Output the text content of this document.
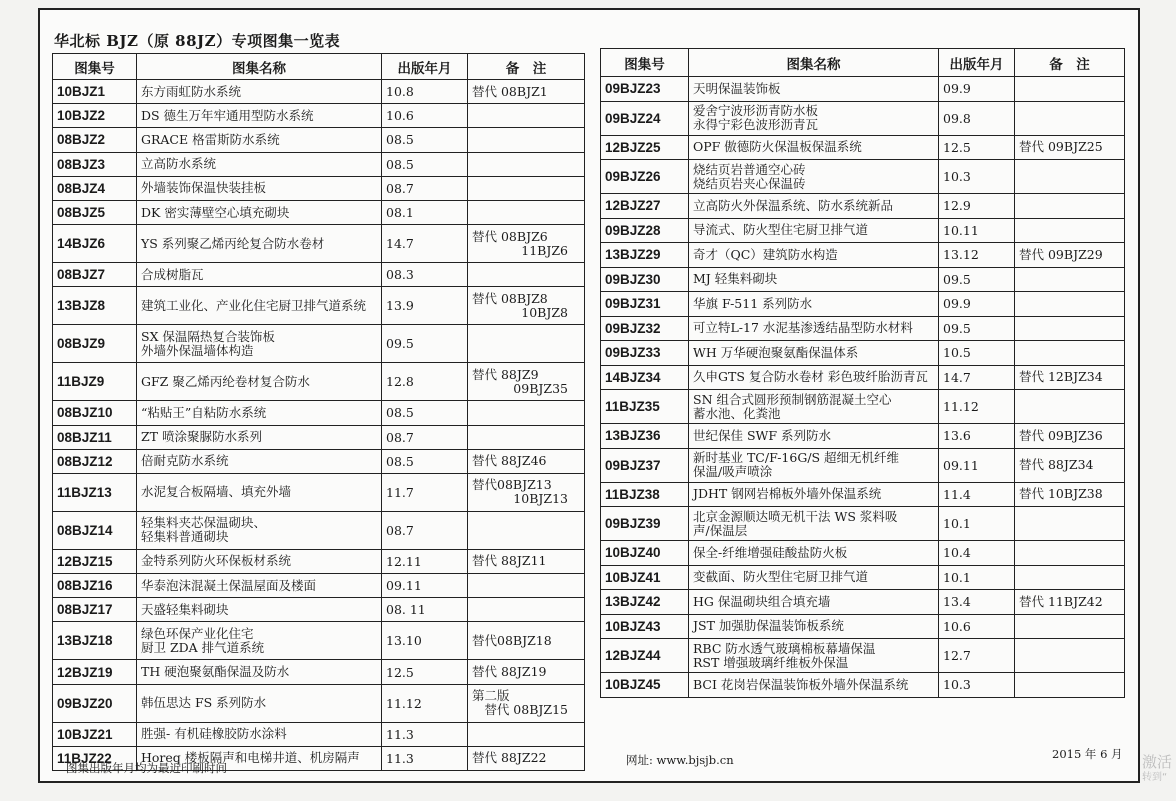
华北标 BJZ（原 88JZ）专项图集一览表
图集号	图集名称	出版年月	备　注
10BJZ1	东方雨虹防水系统	10.8	替代 08BJZ1

10BJZ2	DS 德生万年牢通用型防水系统	10.6	
08BJZ2	GRACE 格雷斯防水系统	08.5	
08BJZ3	立高防水系统	08.5	
08BJZ4	外墙装饰保温快装挂板	08.7	
08BJZ5	DK 密实薄壁空心填充砌块	08.1	
14BJZ6	YS 系列聚乙烯丙纶复合防水卷材	14.7	替代 08BJZ6
11BJZ6

08BJZ7	合成树脂瓦	08.3	
13BJZ8	建筑工业化、产业化住宅厨卫排气道系统	13.9	替代 08BJZ8
10BJZ8

08BJZ9	SX 保温隔热复合装饰板
外墙外保温墙体构造	09.5	
11BJZ9	GFZ 聚乙烯丙纶卷材复合防水	12.8	替代 88JZ9
09BJZ35

08BJZ10	“粘贴王”自粘防水系统	08.5	
08BJZ11	ZT 喷涂聚脲防水系列	08.7	
08BJZ12	倍耐克防水系统	08.5	替代 88JZ46

11BJZ13	水泥复合板隔墙、填充外墙	11.7	替代08BJZ13
10BJZ13

08BJZ14	轻集料夹芯保温砌块、
轻集料普通砌块	08.7	
12BJZ15	金特系列防火环保板材系统	12.11	替代 88JZ11

08BJZ16	华泰泡沫混凝土保温屋面及楼面	09.11	
08BJZ17	天盛轻集料砌块	08. 11	
13BJZ18	绿色环保产业化住宅
厨卫 ZDA 排气道系统	13.10	替代08BJZ18

12BJZ19	TH 硬泡聚氨酯保温及防水	12.5	替代 88JZ19

09BJZ20	韩伍思达 FS 系列防水	11.12	第二版
替代 08BJZ15

10BJZ21	胜强- 有机硅橡胶防水涂料	11.3	
11BJZ22	Horeq 楼板隔声和电梯井道、机房隔声	11.3	替代 88JZ22
图集号	图集名称	出版年月	备　注
09BJZ23	天明保温装饰板	09.9	
09BJZ24	爱舍宁波形沥青防水板
永得宁彩色波形沥青瓦	09.8	
12BJZ25	OPF 傲德防火保温板保温系统	12.5	替代 09BJZ25

09BJZ26	烧结页岩普通空心砖
烧结页岩夹心保温砖	10.3	
12BJZ27	立高防火外保温系统、防水系统新品	12.9	
09BJZ28	导流式、防火型住宅厨卫排气道	10.11	
13BJZ29	奇才（QC）建筑防水构造	13.12	替代 09BJZ29

09BJZ30	MJ 轻集料砌块	09.5	
09BJZ31	华旗 F-511 系列防水	09.9	
09BJZ32	可立特L-17 水泥基渗透结晶型防水材料	09.5	
09BJZ33	WH 万华硬泡聚氨酯保温体系	10.5	
14BJZ34	久申GTS 复合防水卷材 彩色玻纤胎沥青瓦	14.7	替代 12BJZ34

11BJZ35	SN 组合式圆形预制钢筋混凝土空心
蓄水池、化粪池	11.12	
13BJZ36	世纪保佳 SWF 系列防水	13.6	替代 09BJZ36

09BJZ37	新时基业 TC/F-16G/S 超细无机纤维
保温/吸声喷涂	09.11	替代 88JZ34

11BJZ38	JDHT 钢网岩棉板外墙外保温系统	11.4	替代 10BJZ38

09BJZ39	北京金源顺达喷无机干法 WS 浆料吸
声/保温层	10.1	
10BJZ40	保全-纤维增强硅酸盐防火板	10.4	
10BJZ41	变截面、防火型住宅厨卫排气道	10.1	
13BJZ42	HG 保温砌块组合填充墙	13.4	替代 11BJZ42

10BJZ43	JST 加强肋保温装饰板系统	10.6	
12BJZ44	RBC 防水透气玻璃棉板幕墙保温
RST 增强玻璃纤维板外保温	12.7	
10BJZ45	BCI 花岗岩保温装饰板外墙外保温系统	10.3	
图集出版年月均为最近印刷时间
网址: www.bjsjb.cn	2015 年 6 月 激活
转到“
